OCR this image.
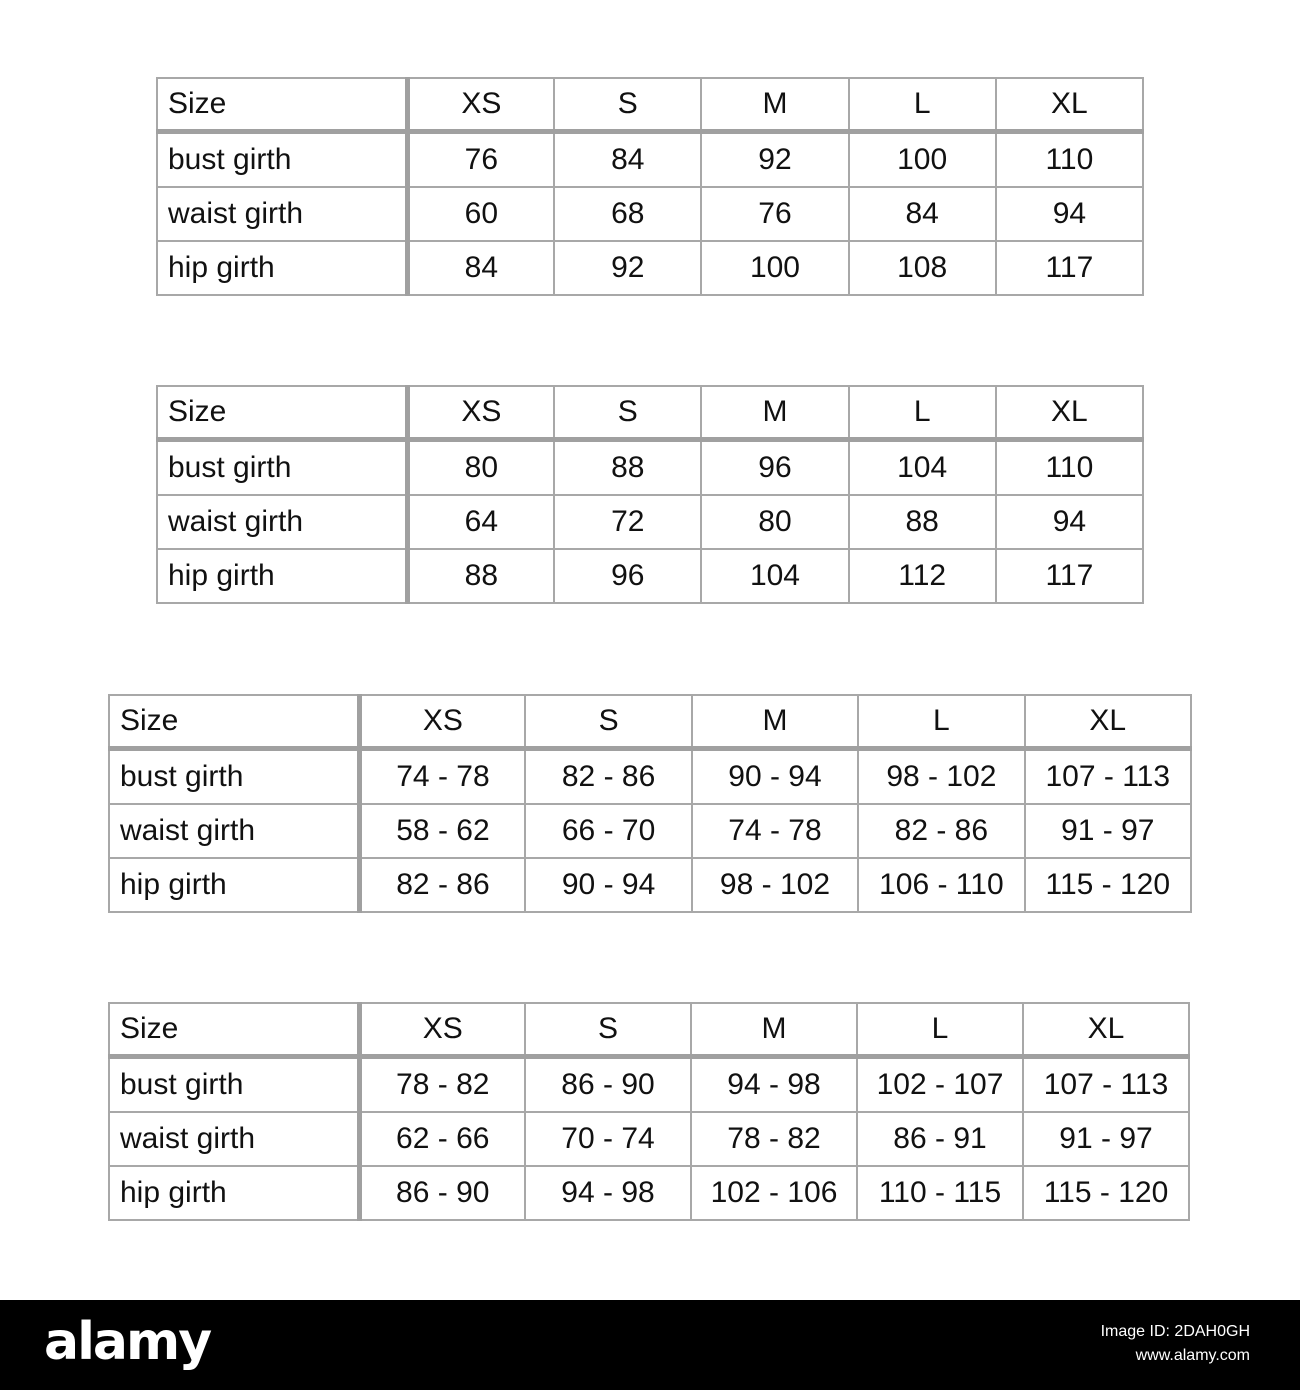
Size	XS	S	M	L	XL
bust girth	76	84	92	100	110
waist girth	60	68	76	84	94
hip girth	84	92	100	108	117
Size	XS	S	M	L	XL
bust girth	80	88	96	104	110
waist girth	64	72	80	88	94
hip girth	88	96	104	112	117
Size	XS	S	M	L	XL
bust girth	74 - 78	82 - 86	90 - 94	98 - 102	107 - 113
waist girth	58 - 62	66 - 70	74 - 78	82 - 86	91 - 97
hip girth	82 - 86	90 - 94	98 - 102	106 - 110	115 - 120
Size	XS	S	M	L	XL
bust girth	78 - 82	86 - 90	94 - 98	102 - 107	107 - 113
waist girth	62 - 66	70 - 74	78 - 82	86 - 91	91 - 97
hip girth	86 - 90	94 - 98	102 - 106	110 - 115	115 - 120
alamy	Image ID: 2DAH0GH
www.alamy.com
